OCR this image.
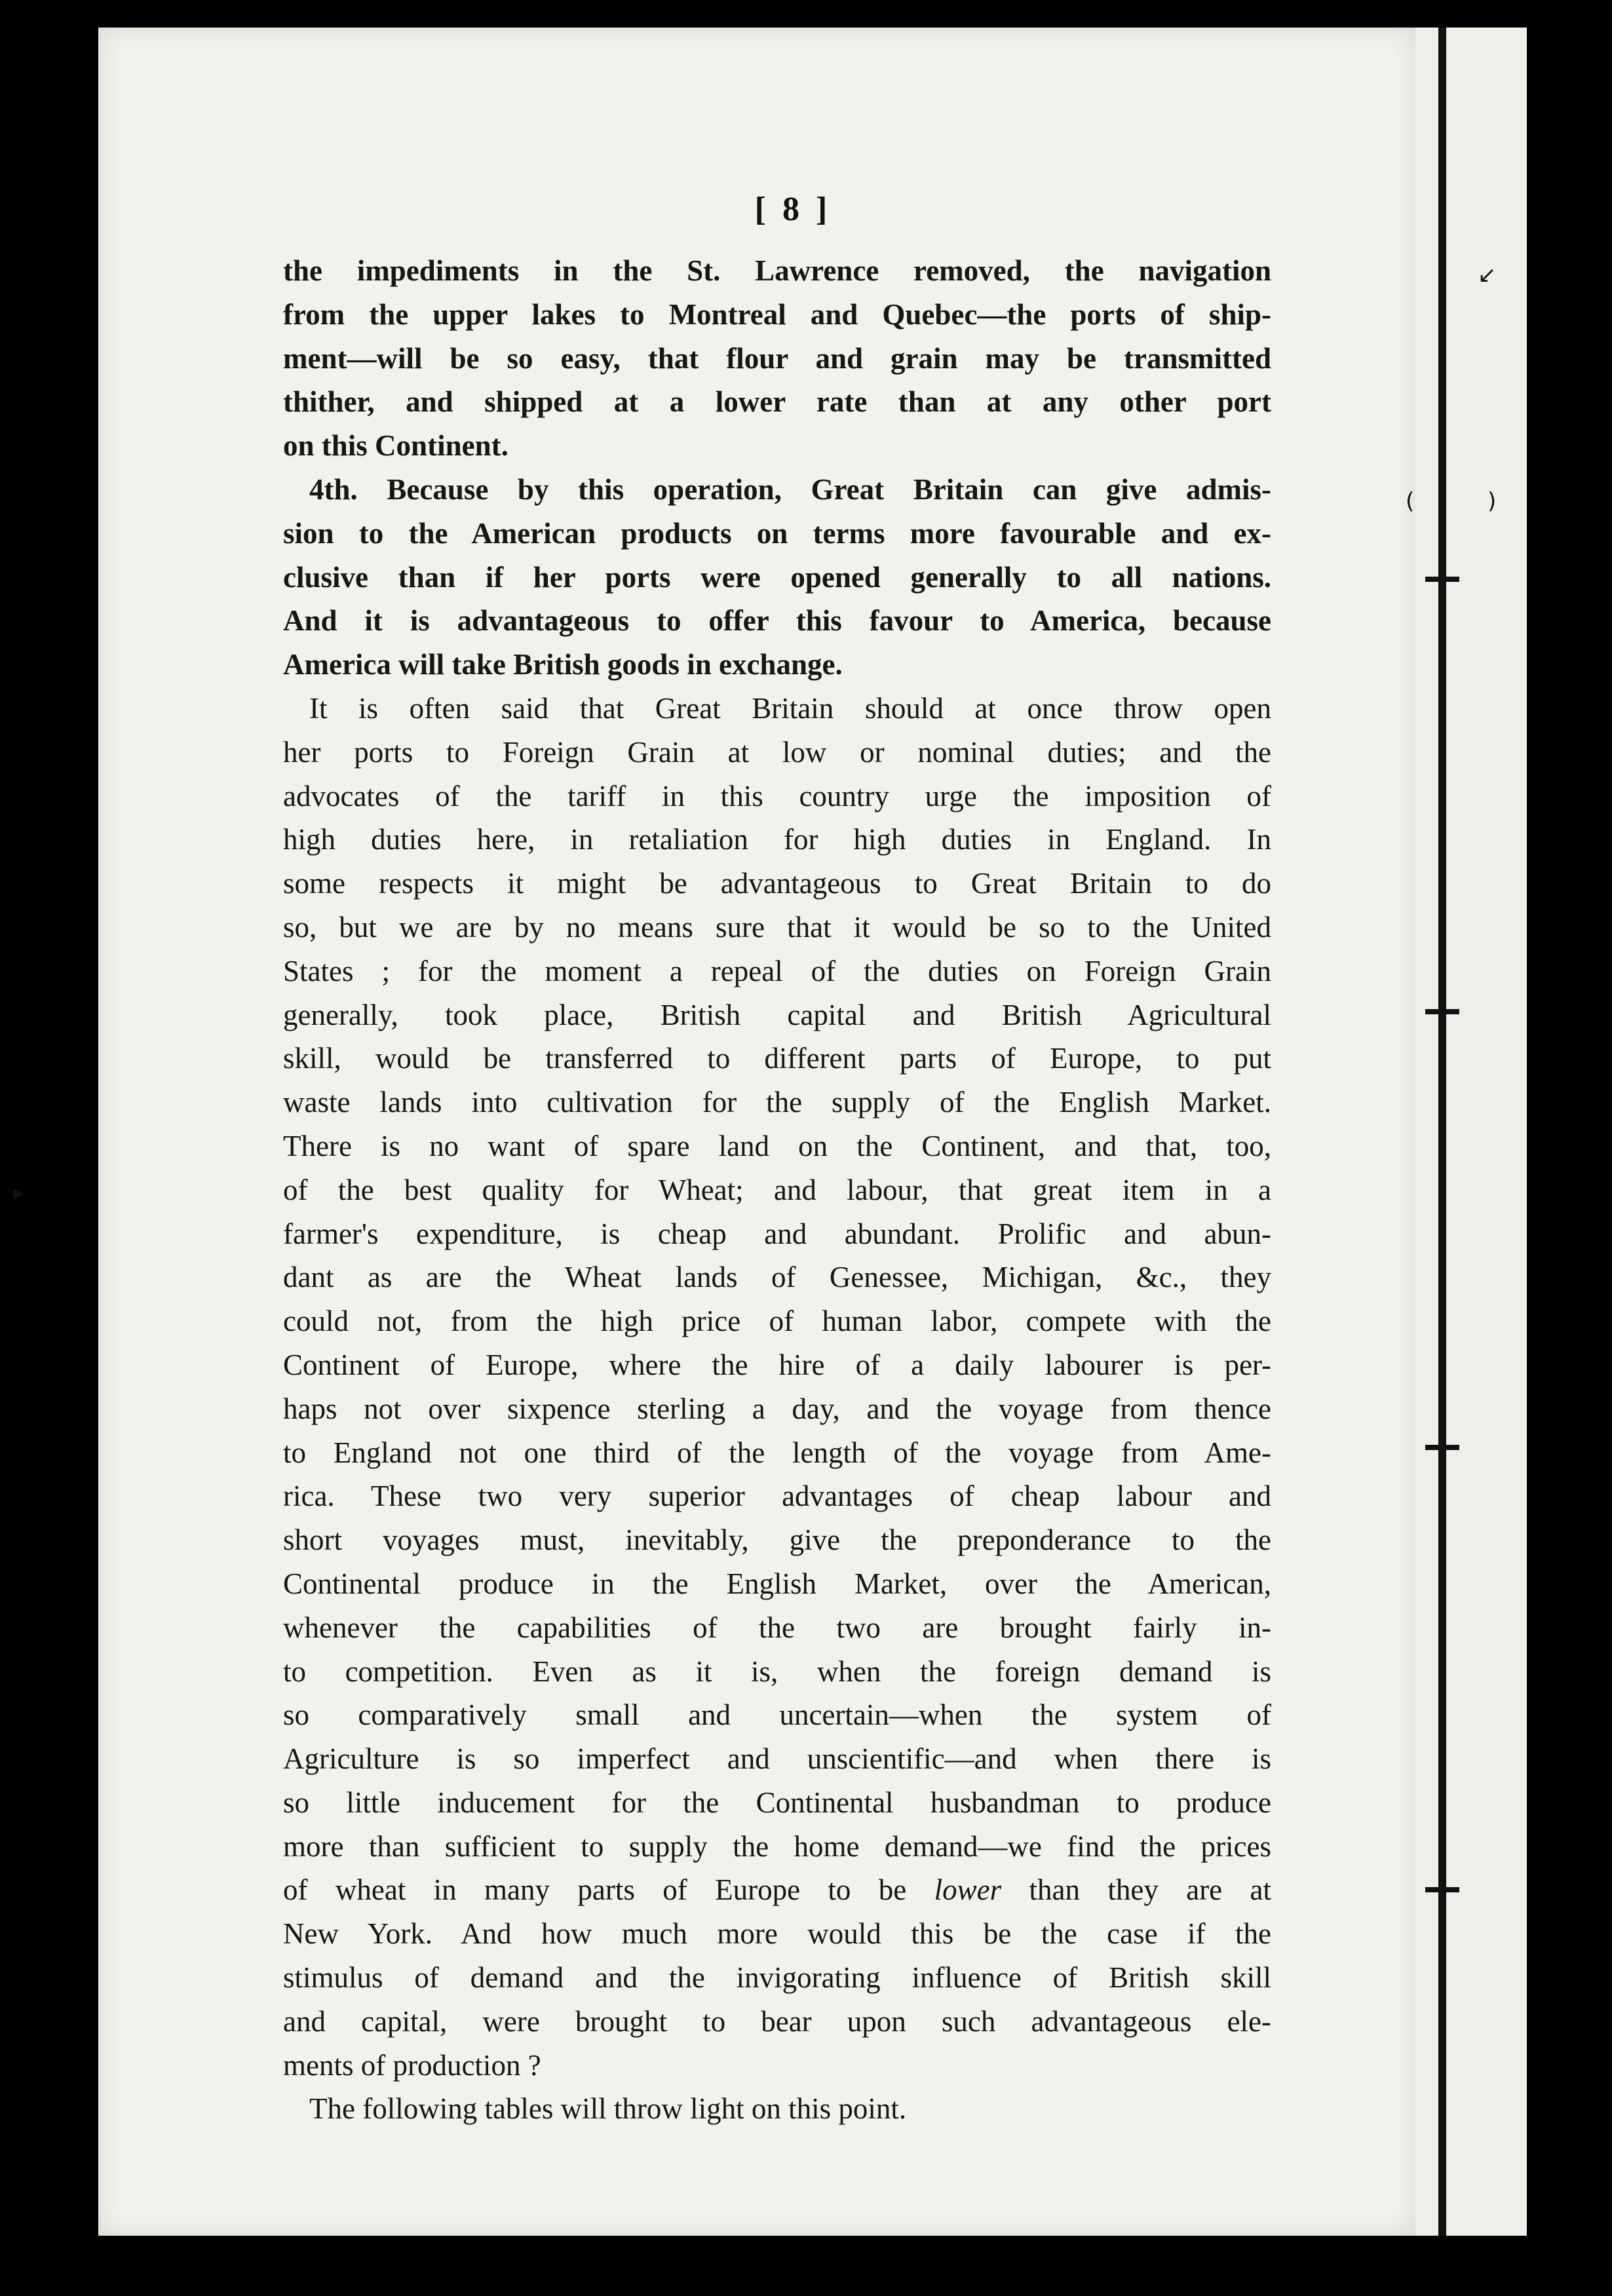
▸
↙
(	)
[ 8 ]
the impediments in the St. Lawrence removed, the navigation
from the upper lakes to Montreal and Quebec—the ports of ship-
ment—will be so easy, that flour and grain may be transmitted
thither, and shipped at a lower rate than at any other port
on this Continent.
4th. Because by this operation, Great Britain can give admis-
sion to the American products on terms more favourable and ex-
clusive than if her ports were opened generally to all nations.
And it is advantageous to offer this favour to America, because
America will take British goods in exchange.
It is often said that Great Britain should at once throw open
her ports to Foreign Grain at low or nominal duties; and the
advocates of the tariff in this country urge the imposition of
high duties here, in retaliation for high duties in England. In
some respects it might be advantageous to Great Britain to do
so, but we are by no means sure that it would be so to the United
States ; for the moment a repeal of the duties on Foreign Grain
generally, took place, British capital and British Agricultural
skill, would be transferred to different parts of Europe, to put
waste lands into cultivation for the supply of the English Market.
There is no want of spare land on the Continent, and that, too,
of the best quality for Wheat; and labour, that great item in a
farmer's expenditure, is cheap and abundant. Prolific and abun-
dant as are the Wheat lands of Genessee, Michigan, &c., they
could not, from the high price of human labor, compete with the
Continent of Europe, where the hire of a daily labourer is per-
haps not over sixpence sterling a day, and the voyage from thence
to England not one third of the length of the voyage from Ame-
rica. These two very superior advantages of cheap labour and
short voyages must, inevitably, give the preponderance to the
Continental produce in the English Market, over the American,
whenever the capabilities of the two are brought fairly in-
to competition. Even as it is, when the foreign demand is
so comparatively small and uncertain—when the system of
Agriculture is so imperfect and unscientific—and when there is
so little inducement for the Continental husbandman to produce
more than sufficient to supply the home demand—we find the prices
of wheat in many parts of Europe to be lower than they are at
New York. And how much more would this be the case if the
stimulus of demand and the invigorating influence of British skill
and capital, were brought to bear upon such advantageous ele-
ments of production ?
The following tables will throw light on this point.
